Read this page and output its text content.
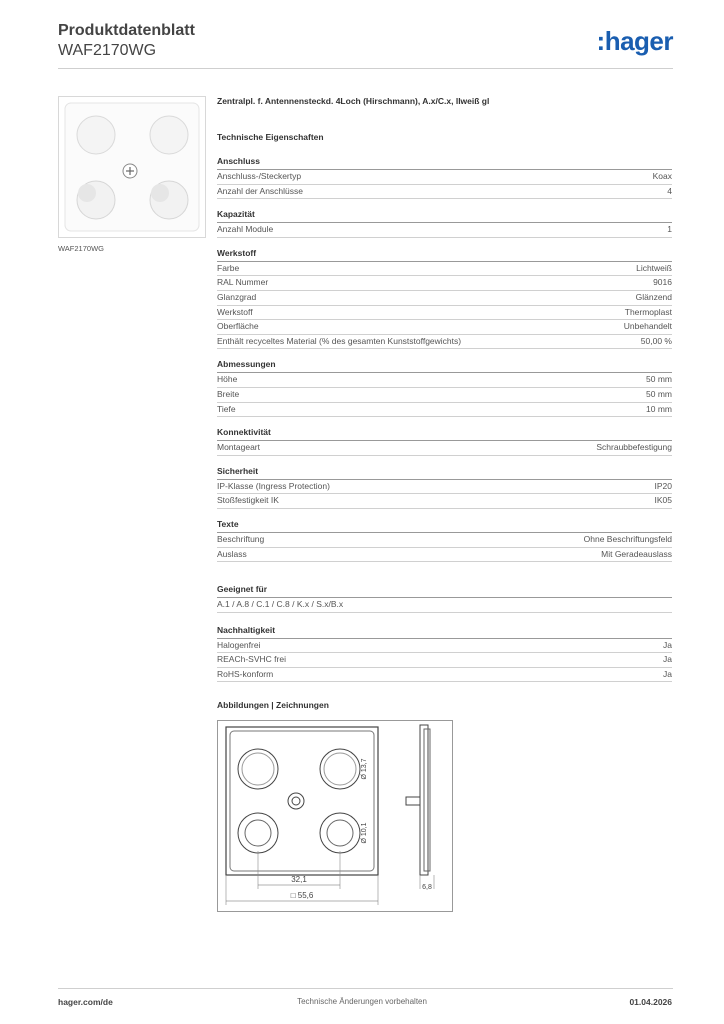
Produktdatenblatt
WAF2170WG	:hager
WAF2170WG
Zentralpl. f. Antennensteckd. 4Loch (Hirschmann), A.x/C.x, lIweiß gl
Technische Eigenschaften
Anschluss
Anschluss-/Steckertyp	Koax
Anzahl der Anschlüsse	4
Kapazität
Anzahl Module	1
Werkstoff
Farbe	Lichtweiß
RAL Nummer	9016
Glanzgrad	Glänzend
Werkstoff	Thermoplast
Oberfläche	Unbehandelt
Enthält recyceltes Material (% des gesamten Kunststoffgewichts)	50,00 %
Abmessungen
Höhe	50 mm
Breite	50 mm
Tiefe	10 mm
Konnektivität
Montageart	Schraubbefestigung
Sicherheit
IP-Klasse (Ingress Protection)	IP20
Stoßfestigkeit IK	IK05
Texte
Beschriftung	Ohne Beschriftungsfeld
Auslass	Mit Geradeauslass
Geeignet für
A.1 / A.8 / C.1 / C.8 / K.x / S.x/B.x
Nachhaltigkeit
Halogenfrei	Ja
REACh-SVHC frei	Ja
RoHS-konform	Ja
Abbildungen | Zeichnungen
32,1
□ 55,6
Ø 13,7
Ø 10,1
6,8
hager.com/de	Technische Änderungen vorbehalten	01.04.2026
